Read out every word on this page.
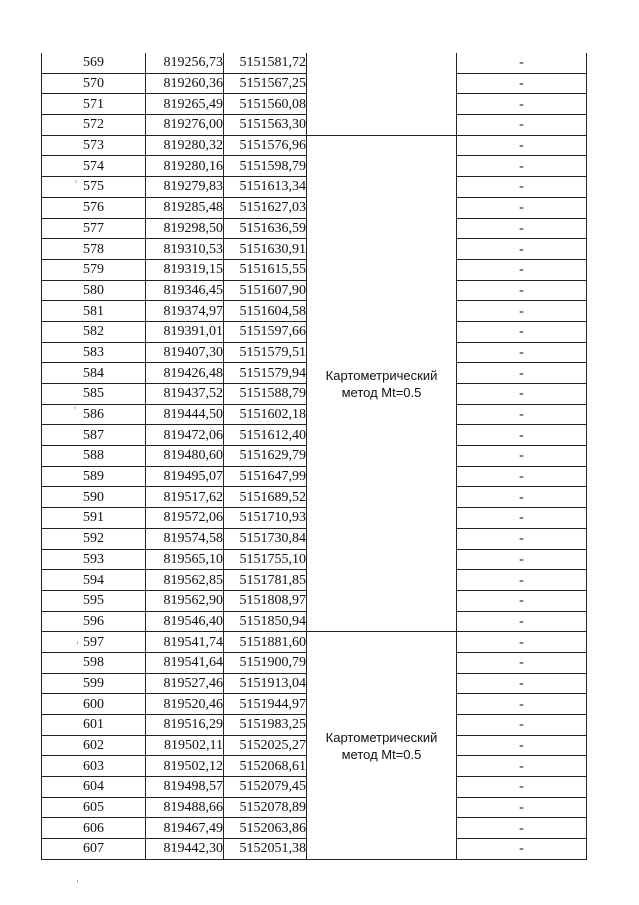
569	819256,73	5151581,72		-
570	819260,36	5151567,25		-
571	819265,49	5151560,08		-
572	819276,00	5151563,30		-
573	819280,32	5151576,96	Картометрический
метод Mt=0.5	-
574	819280,16	5151598,79		-
575	819279,83	5151613,34		-
576	819285,48	5151627,03		-
577	819298,50	5151636,59		-
578	819310,53	5151630,91		-
579	819319,15	5151615,55		-
580	819346,45	5151607,90		-
581	819374,97	5151604,58		-
582	819391,01	5151597,66		-
583	819407,30	5151579,51		-
584	819426,48	5151579,94		-
585	819437,52	5151588,79		-
586	819444,50	5151602,18		-
587	819472,06	5151612,40		-
588	819480,60	5151629,79		-
589	819495,07	5151647,99		-
590	819517,62	5151689,52		-
591	819572,06	5151710,93		-
592	819574,58	5151730,84		-
593	819565,10	5151755,10		-
594	819562,85	5151781,85		-
595	819562,90	5151808,97		-
596	819546,40	5151850,94		-
597	819541,74	5151881,60	Картометрический
метод Mt=0.5	-
598	819541,64	5151900,79		-
599	819527,46	5151913,04		-
600	819520,46	5151944,97		-
601	819516,29	5151983,25		-
602	819502,11	5152025,27		-
603	819502,12	5152068,61		-
604	819498,57	5152079,45		-
605	819488,66	5152078,89		-
606	819467,49	5152063,86		-
607	819442,30	5152051,38		-
'
'
,
,
